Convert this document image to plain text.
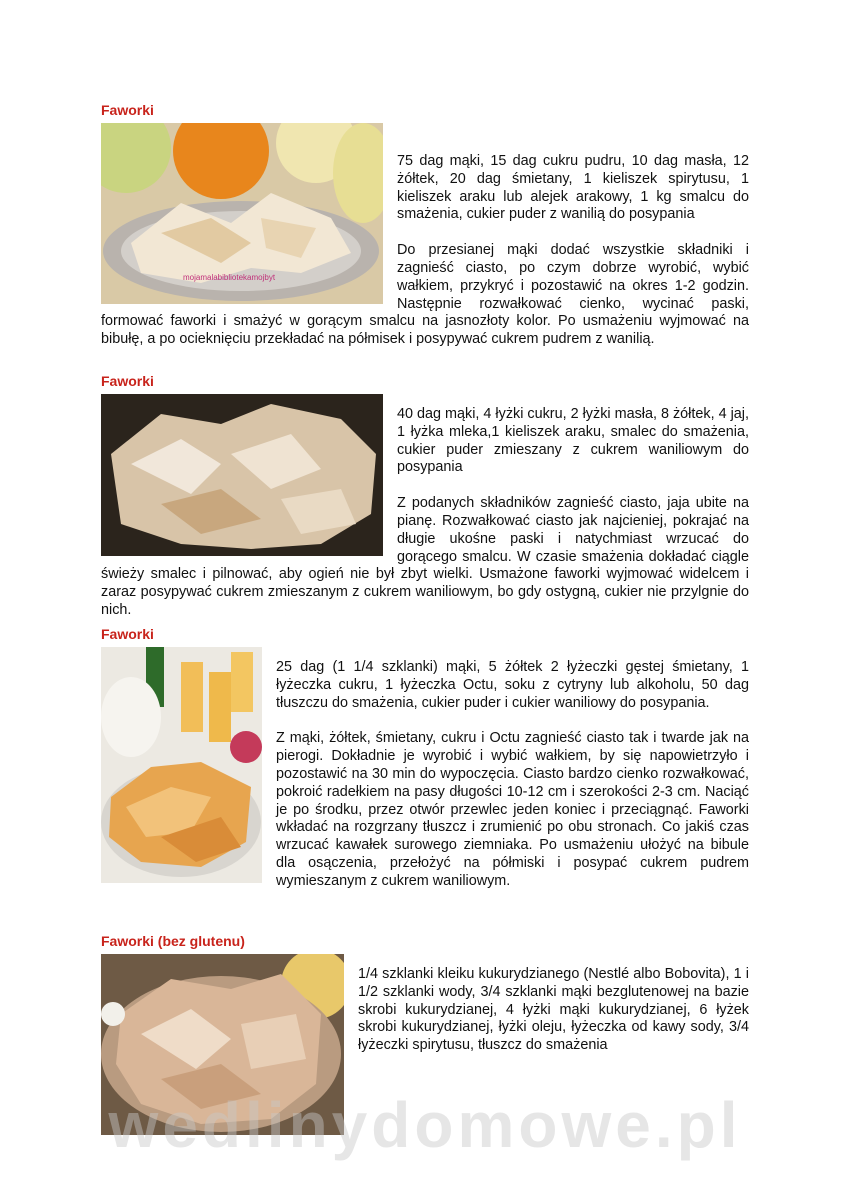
Faworki
mojamalabibliotekamojbyt

75 dag mąki, 15 dag cukru pudru, 10 dag masła, 12 żółtek, 20 dag śmietany, 1 kieliszek spirytusu, 1 kieliszek araku lub alejek arakowy, 1 kg smalcu do smażenia, cukier puder z wanilią do posypania

Do przesianej mąki dodać wszystkie składniki i zagnieść ciasto, po czym dobrze wyrobić, wybić wałkiem, przykryć i pozostawić na okres 1-2 godzin. Następnie rozwałkować cienko, wycinać paski, formować faworki i smażyć w gorącym smalcu na jasnozłoty kolor. Po usmażeniu wyjmować na bibułę, a po ocieknięciu przekładać na półmisek i posypywać cukrem pudrem z wanilią.

Faworki

40 dag mąki, 4 łyżki cukru, 2 łyżki masła, 8 żółtek, 4 jaj, 1 łyżka mleka,1 kieliszek araku, smalec do smażenia, cukier puder zmieszany z cukrem waniliowym do posypania

Z podanych składników zagnieść ciasto, jaja ubite na pianę. Rozwałkować ciasto jak najcieniej, pokrajać na długie ukośne paski i natychmiast wrzucać do gorącego smalcu. W czasie smażenia dokładać ciągle świeży smalec i pilnować, aby ogień nie był zbyt wielki. Usmażone faworki wyjmować widelcem i zaraz posypywać cukrem zmieszanym z cukrem waniliowym, bo gdy ostygną, cukier nie przylgnie do nich.

Faworki

25 dag (1 1/4 szklanki) mąki, 5 żółtek 2 łyżeczki gęstej śmietany, 1 łyżeczka cukru, 1 łyżeczka Octu, soku z cytryny lub alkoholu, 50 dag tłuszczu do smażenia, cukier puder i cukier waniliowy do posypania.

Z mąki, żółtek, śmietany, cukru i Octu zagnieść ciasto tak i twarde jak na pierogi. Dokładnie je wyrobić i wybić wałkiem, by się napowietrzyło i pozostawić na 30 min do wypoczęcia. Ciasto bardzo cienko rozwałkować, pokroić radełkiem na pasy długości 10-12 cm i szerokości 2-3 cm. Naciąć je po środku, przez otwór przewlec jeden koniec i przeciągnąć. Faworki wkładać na rozgrzany tłuszcz i zrumienić po obu stronach. Co jakiś czas wrzucać kawałek surowego ziemniaka. Po usmażeniu ułożyć na bibule dla osączenia, przełożyć na półmiski i posypać cukrem pudrem wymieszanym z cukrem waniliowym.

Faworki (bez glutenu)

1/4 szklanki kleiku kukurydzianego (Nestlé albo Bobovita), 1 i 1/2 szklanki wody, 3/4 szklanki mąki bezglutenowej na bazie skrobi kukurydzianej, 4 łyżki mąki kukurydzianej, 6 łyżek skrobi kukurydzianej, łyżki oleju, łyżeczka od kawy sody, 3/4 łyżeczki spirytusu, tłuszcz do smażenia

wedlinydomowe.pl
